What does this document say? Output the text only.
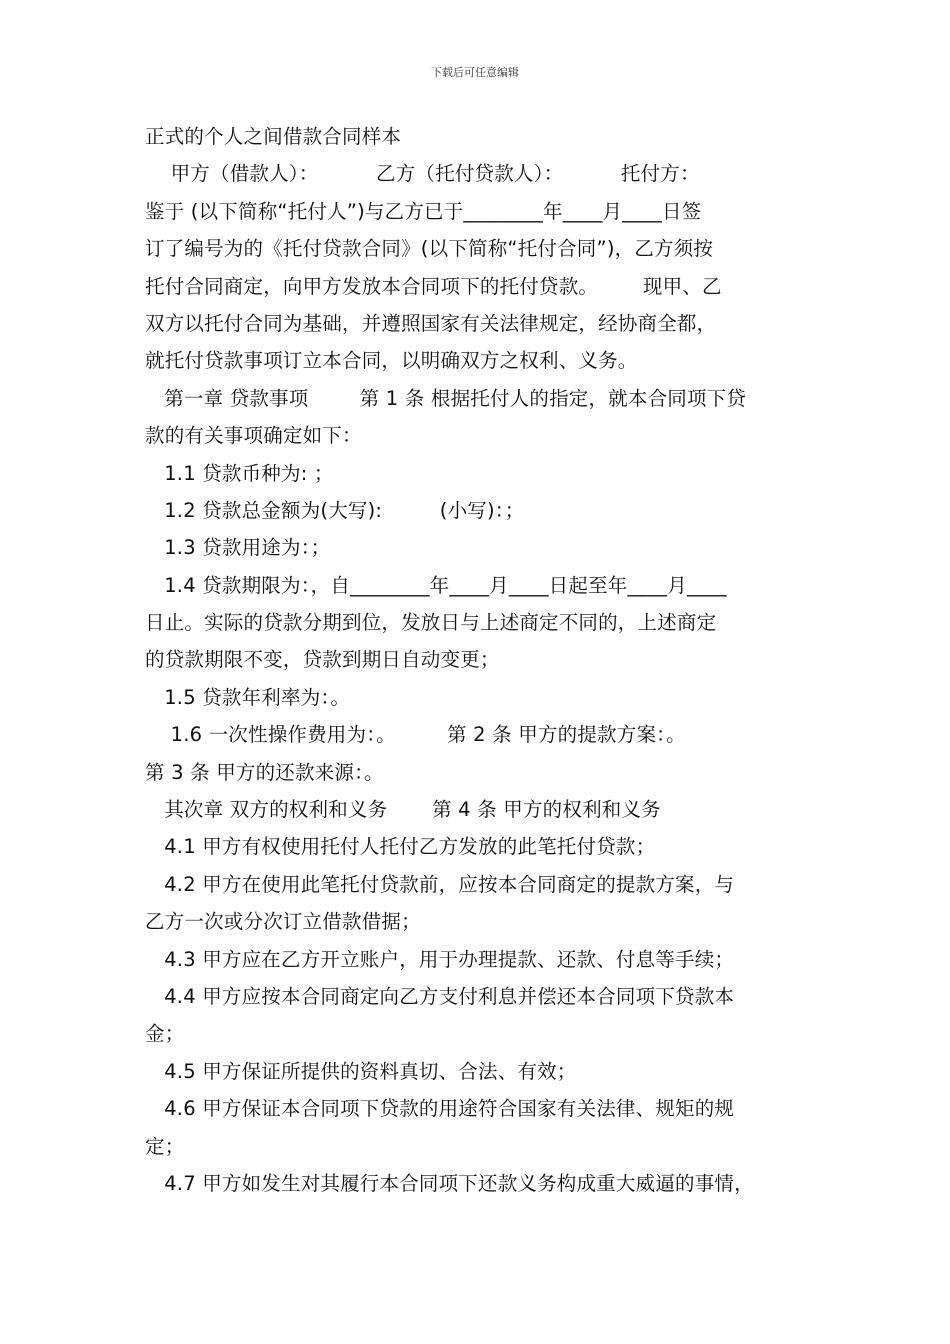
下载后可任意编辑
正式的个人之间借款合同样本
甲方（借款人）：         乙方（托付贷款人）：         托付方：
鉴于 (以下简称“托付人”)与乙方已于________年____月____日签
订了编号为的《托付贷款合同》(以下简称“托付合同”)，乙方须按
托付合同商定，向甲方发放本合同项下的托付贷款。       现甲、乙
双方以托付合同为基础，并遵照国家有关法律规定，经协商全都，
就托付贷款事项订立本合同，以明确双方之权利、义务。
第一章 贷款事项        第 1 条 根据托付人的指定，就本合同项下贷
款的有关事项确定如下：
1.1 贷款币种为: ；
1.2 贷款总金额为(大写):         (小写)：；
1.3 贷款用途为：；
1.4 贷款期限为：，自________年____月____日起至年____月____
日止。实际的贷款分期到位，发放日与上述商定不同的，上述商定
的贷款期限不变，贷款到期日自动变更；
1.5 贷款年利率为：。
1.6 一次性操作费用为：。        第 2 条 甲方的提款方案：。
第 3 条 甲方的还款来源：。
其次章 双方的权利和义务       第 4 条 甲方的权利和义务
4.1 甲方有权使用托付人托付乙方发放的此笔托付贷款；
4.2 甲方在使用此笔托付贷款前，应按本合同商定的提款方案，与
乙方一次或分次订立借款借据；
4.3 甲方应在乙方开立账户，用于办理提款、还款、付息等手续；
4.4 甲方应按本合同商定向乙方支付利息并偿还本合同项下贷款本
金；
4.5 甲方保证所提供的资料真切、合法、有效；
4.6 甲方保证本合同项下贷款的用途符合国家有关法律、规矩的规
定；
4.7 甲方如发生对其履行本合同项下还款义务构成重大威逼的事情，
